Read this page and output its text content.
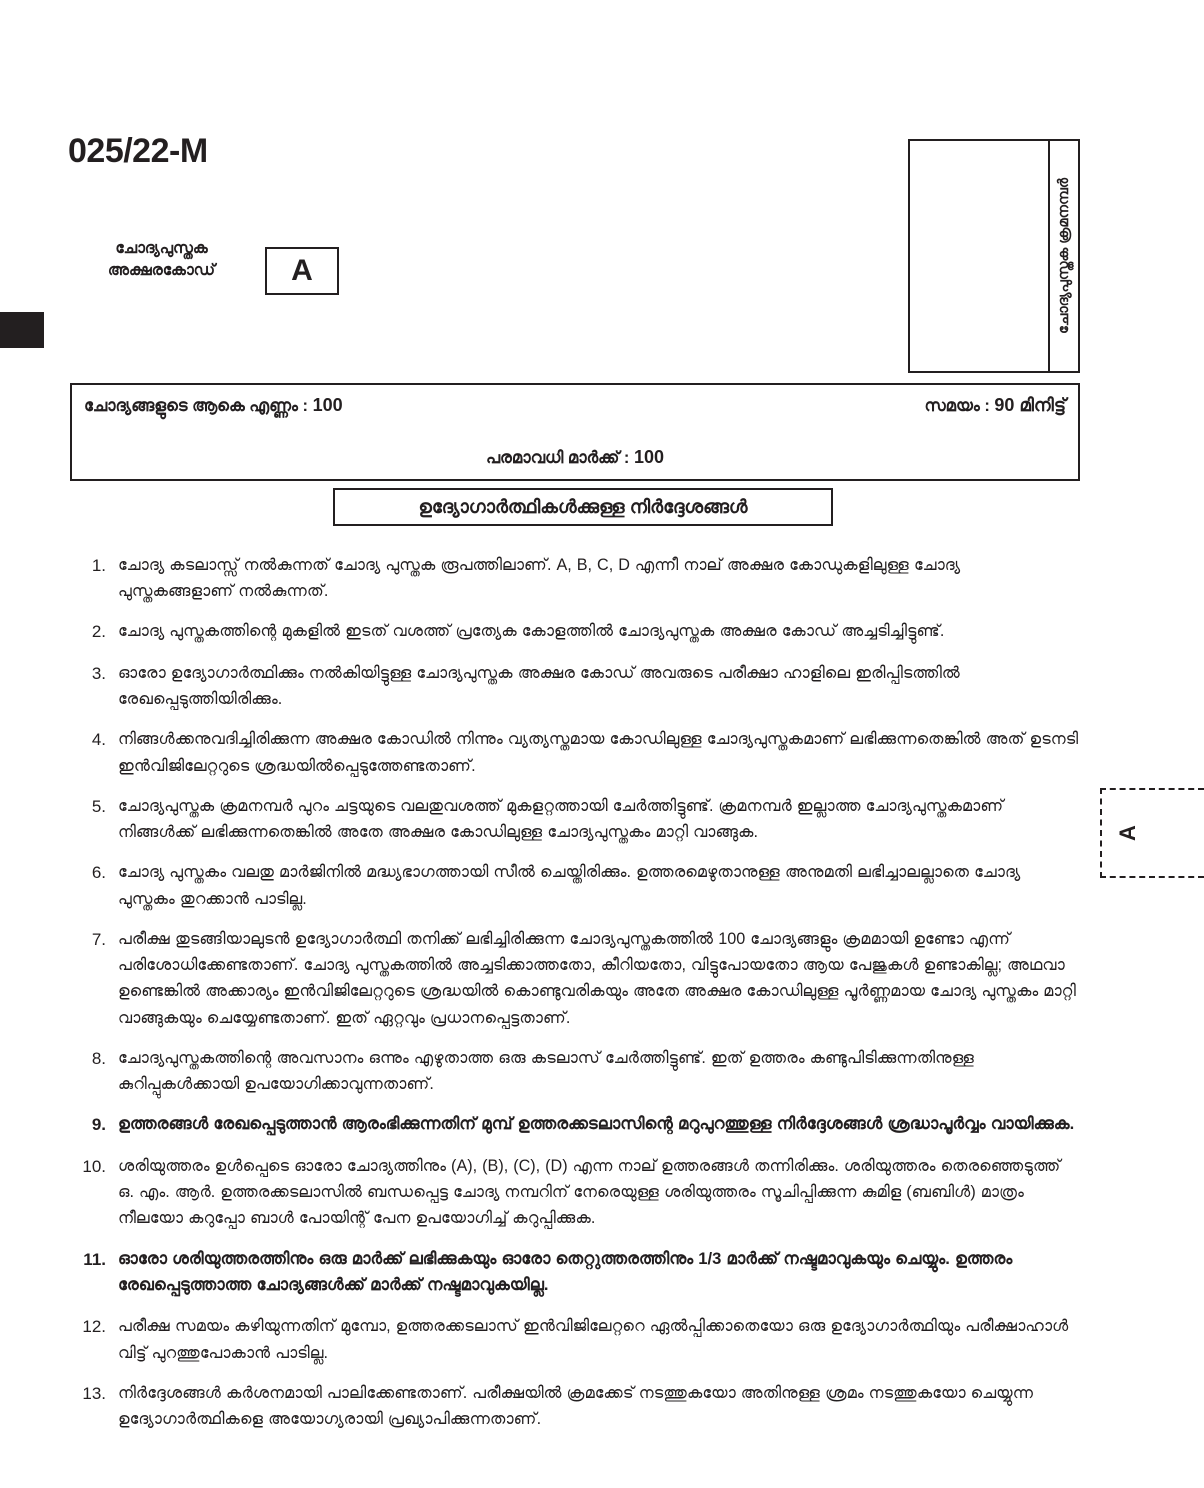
025/22-M
ചോദ്യപുസ്തക
അക്ഷരകോഡ്	A	ചോദ്യപുസ്തക ക്രമനമ്പർ
ചോദ്യങ്ങളുടെ ആകെ എണ്ണം : 100	സമയം : 90 മിനിട്ട്
പരമാവധി മാർക്ക് : 100
ഉദ്യോഗാർത്ഥികൾക്കുള്ള നിർദ്ദേശങ്ങൾ
A
1. ചോദ്യ കടലാസ്സ് നൽകുന്നത് ചോദ്യ പുസ്തക രൂപത്തിലാണ്. A, B, C, D എന്നീ നാല് അക്ഷര കോഡുകളിലുള്ള ചോദ്യ പുസ്തകങ്ങളാണ് നൽകുന്നത്.
2. ചോദ്യ പുസ്തകത്തിന്റെ മുകളിൽ ഇടത് വശത്ത് പ്രത്യേക കോളത്തിൽ ചോദ്യപുസ്തക അക്ഷര കോഡ് അച്ചടിച്ചിട്ടുണ്ട്.
3. ഓരോ ഉദ്യോഗാർത്ഥിക്കും നൽകിയിട്ടുള്ള ചോദ്യപുസ്തക അക്ഷര കോഡ് അവരുടെ പരീക്ഷാ ഹാളിലെ ഇരിപ്പിടത്തിൽ രേഖപ്പെടുത്തിയിരിക്കും.
4. നിങ്ങൾക്കനുവദിച്ചിരിക്കുന്ന അക്ഷര കോഡിൽ നിന്നും വ്യത്യസ്തമായ കോഡിലുള്ള ചോദ്യപുസ്തകമാണ് ലഭിക്കുന്നതെങ്കിൽ അത് ഉടനടി ഇൻവിജിലേറ്ററുടെ ശ്രദ്ധയിൽപ്പെടുത്തേണ്ടതാണ്.
5. ചോദ്യപുസ്തക ക്രമനമ്പർ പുറം ചട്ടയുടെ വലതുവശത്ത് മുകളറ്റത്തായി ചേർത്തിട്ടുണ്ട്. ക്രമനമ്പർ ഇല്ലാത്ത ചോദ്യപുസ്തകമാണ് നിങ്ങൾക്ക് ലഭിക്കുന്നതെങ്കിൽ അതേ അക്ഷര കോഡിലുള്ള ചോദ്യപുസ്തകം മാറ്റി വാങ്ങുക.
6. ചോദ്യ പുസ്തകം വലതു മാർജിനിൽ മദ്ധ്യഭാഗത്തായി സീൽ ചെയ്തിരിക്കും. ഉത്തരമെഴുതാനുള്ള അനുമതി ലഭിച്ചാലല്ലാതെ ചോദ്യ പുസ്തകം തുറക്കാൻ പാടില്ല.
7. പരീക്ഷ തുടങ്ങിയാലുടൻ ഉദ്യോഗാർത്ഥി തനിക്ക് ലഭിച്ചിരിക്കുന്ന ചോദ്യപുസ്തകത്തിൽ 100 ചോദ്യങ്ങളും ക്രമമായി ഉണ്ടോ എന്ന് പരിശോധിക്കേണ്ടതാണ്. ചോദ്യ പുസ്തകത്തിൽ അച്ചടിക്കാത്തതോ, കീറിയതോ, വിട്ടുപോയതോ ആയ പേജുകൾ ഉണ്ടാകില്ല; അഥവാ ഉണ്ടെങ്കിൽ അക്കാര്യം ഇൻവിജിലേറ്ററുടെ ശ്രദ്ധയിൽ കൊണ്ടുവരികയും അതേ അക്ഷര കോഡിലുള്ള പൂർണ്ണമായ ചോദ്യ പുസ്തകം മാറ്റി വാങ്ങുകയും ചെയ്യേണ്ടതാണ്. ഇത് ഏറ്റവും പ്രധാനപ്പെട്ടതാണ്.
8. ചോദ്യപുസ്തകത്തിന്റെ അവസാനം ഒന്നും എഴുതാത്ത ഒരു കടലാസ് ചേർത്തിട്ടുണ്ട്. ഇത് ഉത്തരം കണ്ടുപിടിക്കുന്നതിനുള്ള കുറിപ്പുകൾക്കായി ഉപയോഗിക്കാവുന്നതാണ്.
9. ഉത്തരങ്ങൾ രേഖപ്പെടുത്താൻ ആരംഭിക്കുന്നതിന് മുമ്പ് ഉത്തരക്കടലാസിന്റെ മറുപുറത്തുള്ള നിർദ്ദേശങ്ങൾ ശ്രദ്ധാപൂർവ്വം വായിക്കുക.
10. ശരിയുത്തരം ഉൾപ്പെടെ ഓരോ ചോദ്യത്തിനും (A), (B), (C), (D) എന്ന നാല് ഉത്തരങ്ങൾ തന്നിരിക്കും. ശരിയുത്തരം തെരഞ്ഞെടുത്ത് ഒ. എം. ആർ. ഉത്തരക്കടലാസിൽ ബന്ധപ്പെട്ട ചോദ്യ നമ്പറിന് നേരെയുള്ള ശരിയുത്തരം സൂചിപ്പിക്കുന്ന കുമിള (ബബിൾ) മാത്രം നീലയോ കറുപ്പോ ബാൾ പോയിന്റ് പേന ഉപയോഗിച്ച് കറുപ്പിക്കുക.
11. ഓരോ ശരിയുത്തരത്തിനും ഒരു മാർക്ക് ലഭിക്കുകയും ഓരോ തെറ്റുത്തരത്തിനും 1/3 മാർക്ക് നഷ്ടമാവുകയും ചെയ്യും. ഉത്തരം രേഖപ്പെടുത്താത്ത ചോദ്യങ്ങൾക്ക് മാർക്ക് നഷ്ടമാവുകയില്ല.
12. പരീക്ഷ സമയം കഴിയുന്നതിന് മുമ്പോ, ഉത്തരക്കടലാസ് ഇൻവിജിലേറ്ററെ ഏൽപ്പിക്കാതെയോ ഒരു ഉദ്യോഗാർത്ഥിയും പരീക്ഷാഹാൾ വിട്ട് പുറത്തുപോകാൻ പാടില്ല.
13. നിർദ്ദേശങ്ങൾ കർശനമായി പാലിക്കേണ്ടതാണ്. പരീക്ഷയിൽ ക്രമക്കേട് നടത്തുകയോ അതിനുള്ള ശ്രമം നടത്തുകയോ ചെയ്യുന്ന ഉദ്യോഗാർത്ഥികളെ അയോഗ്യരായി പ്രഖ്യാപിക്കുന്നതാണ്.
